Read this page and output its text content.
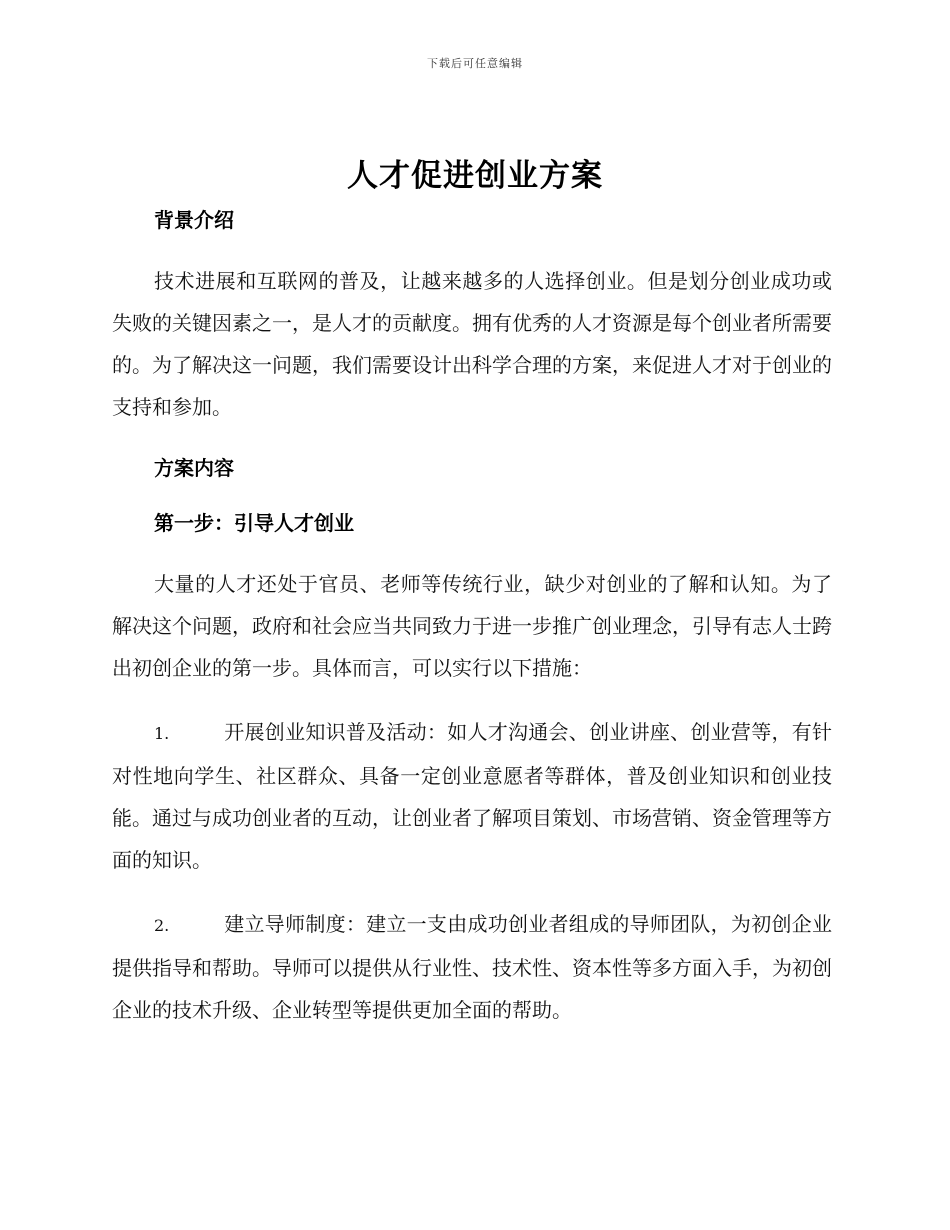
下载后可任意编辑
人才促进创业方案
背景介绍

技术进展和互联网的普及，让越来越多的人选择创业。但是划分创业成功或失败的关键因素之一，是人才的贡献度。拥有优秀的人才资源是每个创业者所需要的。为了解决这一问题，我们需要设计出科学合理的方案，来促进人才对于创业的支持和参加。

方案内容
第一步：引导人才创业

大量的人才还处于官员、老师等传统行业，缺少对创业的了解和认知。为了解决这个问题，政府和社会应当共同致力于进一步推广创业理念，引导有志人士跨出初创企业的第一步。具体而言，可以实行以下措施：

1.	开展创业知识普及活动：如人才沟通会、创业讲座、创业营等，有针对性地向学生、社区群众、具备一定创业意愿者等群体，普及创业知识和创业技能。通过与成功创业者的互动，让创业者了解项目策划、市场营销、资金管理等方面的知识。

2.	建立导师制度：建立一支由成功创业者组成的导师团队，为初创企业提供指导和帮助。导师可以提供从行业性、技术性、资本性等多方面入手，为初创企业的技术升级、企业转型等提供更加全面的帮助。
